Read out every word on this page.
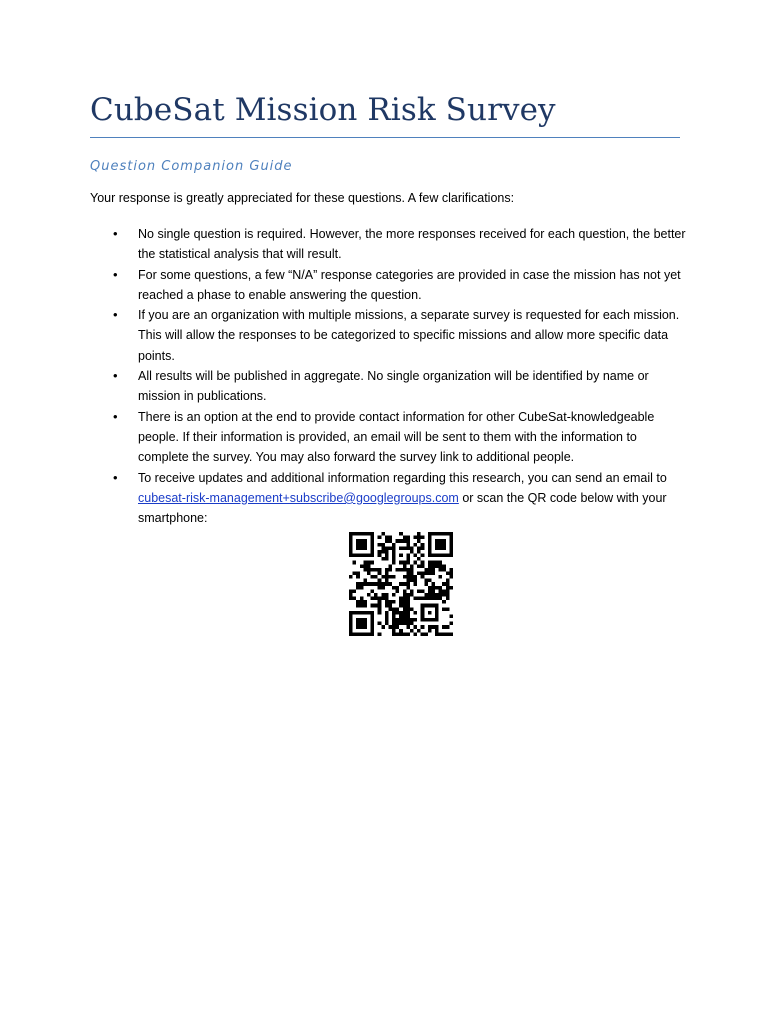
CubeSat Mission Risk Survey
Question Companion Guide
Your response is greatly appreciated for these questions. A few clarifications:
• No single question is required. However, the more responses received for each question, the better the statistical analysis that will result.
• For some questions, a few “N/A” response categories are provided in case the mission has not yet reached a phase to enable answering the question.
• If you are an organization with multiple missions, a separate survey is requested for each mission. This will allow the responses to be categorized to specific missions and allow more specific data points.
• All results will be published in aggregate. No single organization will be identified by name or mission in publications.
• There is an option at the end to provide contact information for other CubeSat-knowledgeable people. If their information is provided, an email will be sent to them with the information to complete the survey. You may also forward the survey link to additional people.
• To receive updates and additional information regarding this research, you can send an email to cubesat-risk-management+subscribe@googlegroups.com or scan the QR code below with your smartphone:
